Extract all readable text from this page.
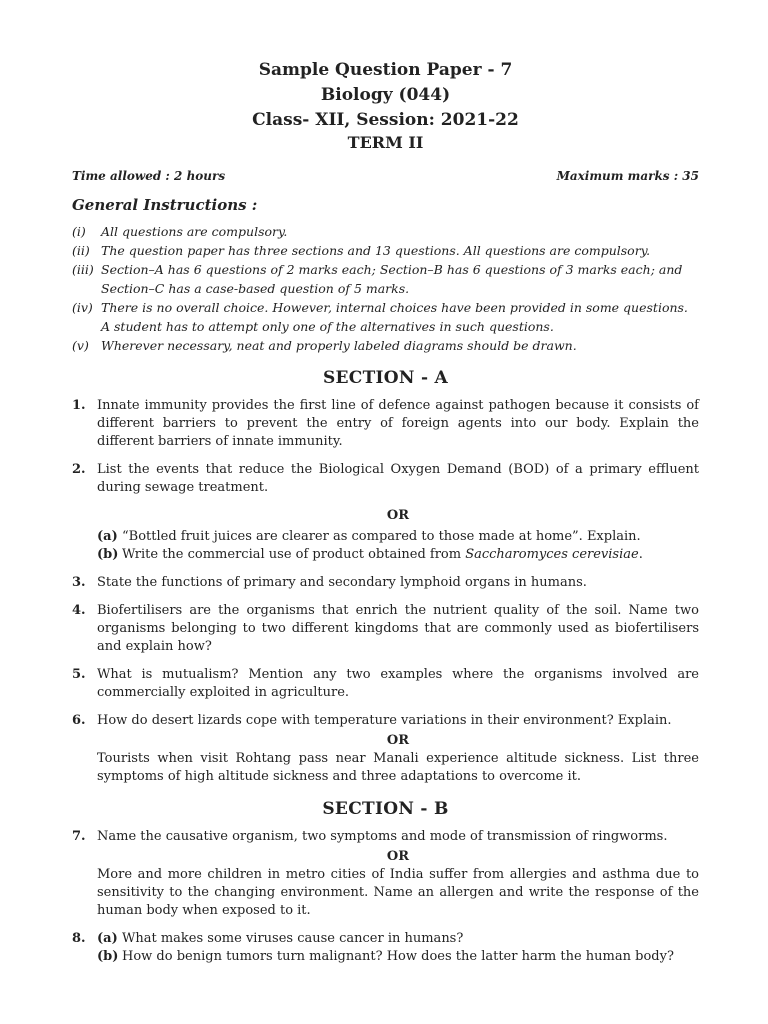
Sample Question Paper - 7
Biology (044)
Class- XII, Session: 2021-22
TERM II
Time allowed : 2 hours	Maximum marks : 35
General Instructions :
(i)	All questions are compulsory.
(ii) The question paper has three sections and 13 questions. All questions are compulsory.
(iii) Section–A has 6 questions of 2 marks each; Section–B has 6 questions of 3 marks each; and Section–C has a case-based question of 5 marks.
(iv) There is no overall choice. However, internal choices have been provided in some questions. A student has to attempt only one of the alternatives in such questions.
(v) Wherever necessary, neat and properly labeled diagrams should be drawn.
SECTION - A
1. Innate immunity provides the first line of defence against pathogen because it consists of different barriers to prevent the entry of foreign agents into our body. Explain the different barriers of innate immunity.
2. List the events that reduce the Biological Oxygen Demand (BOD) of a primary effluent during sewage treatment.
OR
(a) “Bottled fruit juices are clearer as compared to those made at home”. Explain.
(b) Write the commercial use of product obtained from Saccharomyces cerevisiae.
3. State the functions of primary and secondary lymphoid organs in humans.
4. Biofertilisers are the organisms that enrich the nutrient quality of the soil. Name two organisms belonging to two different kingdoms that are commonly used as biofertilisers and explain how?
5. What is mutualism? Mention any two examples where the organisms involved are commercially exploited in agriculture.
6. How do desert lizards cope with temperature variations in their environment? Explain.
OR
Tourists when visit Rohtang pass near Manali experience altitude sickness. List three symptoms of high altitude sickness and three adaptations to overcome it.
SECTION - B
7. Name the causative organism, two symptoms and mode of transmission of ringworms.
OR
More and more children in metro cities of India suffer from allergies and asthma due to sensitivity to the changing environment. Name an allergen and write the response of the human body when exposed to it.
8. (a) What makes some viruses cause cancer in humans?
(b) How do benign tumors turn malignant? How does the latter harm the human body?
